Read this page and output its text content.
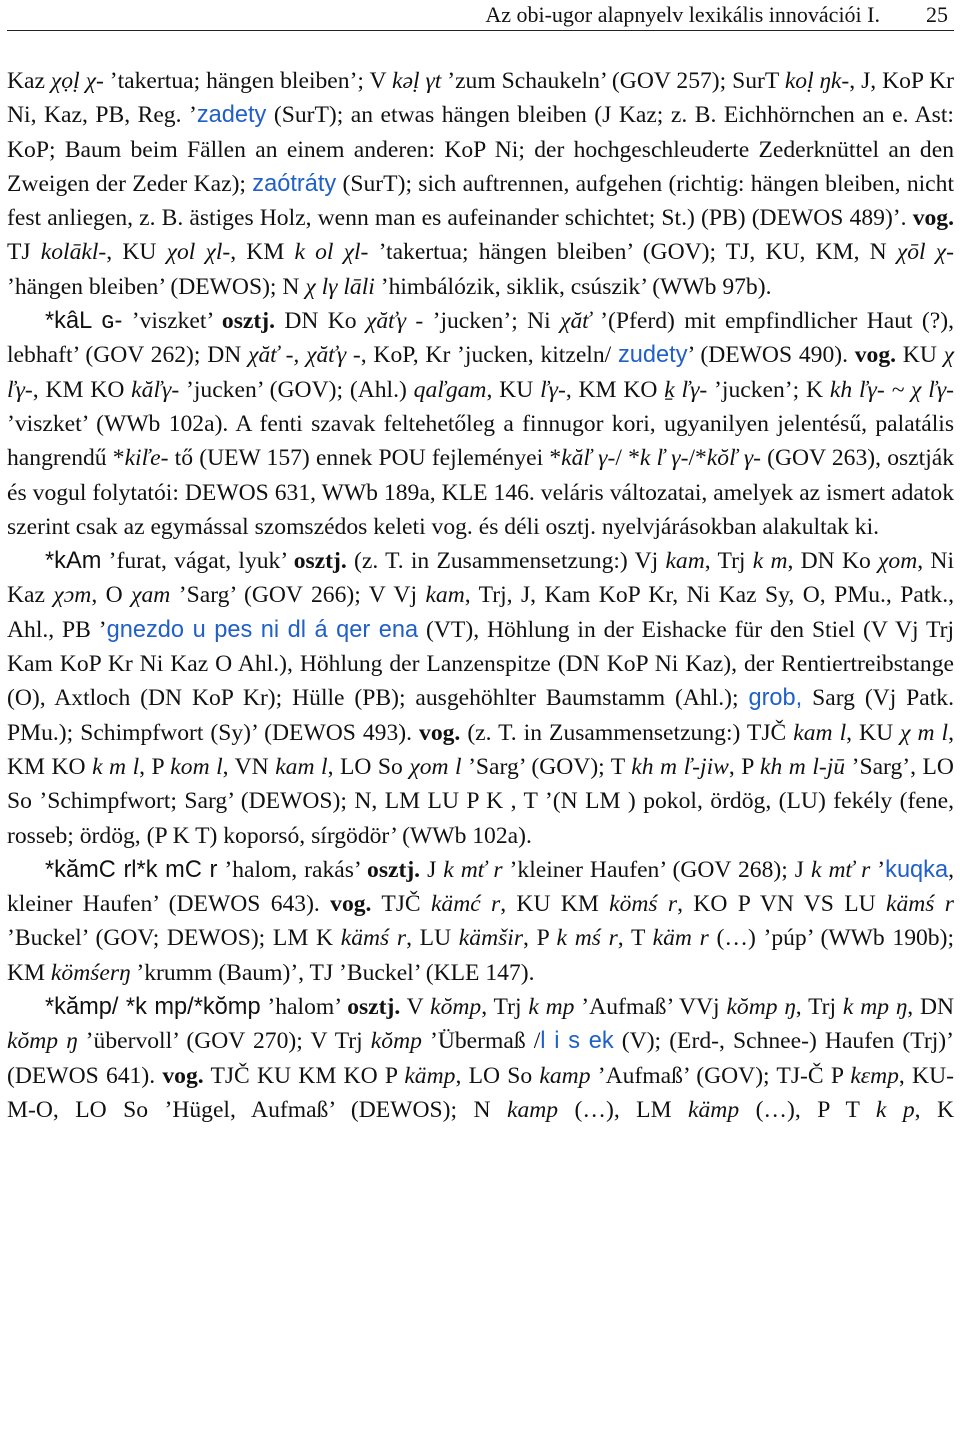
Az obi-ugor alapnyelv lexikális innovációi I. 25

Kaz χọḷ χ- ’takertua; hängen bleiben’; V kəḷ γt ’zum Schaukeln’ (GOV 257); SurT koḷ ŋk-, J, KoP Kr Ni, Kaz, PB, Reg. ’zadety (SurT); an etwas hängen bleiben (J Kaz; z. B. Eichhörnchen an e. Ast: KoP; Baum beim Fällen an einem anderen: KoP Ni; der hochgeschleuderte Zederknüttel an den Zweigen der Zeder Kaz); zaótráty (SurT); sich auftrennen, aufgehen (richtig: hängen bleiben, nicht fest anliegen, z. B. ästiges Holz, wenn man es aufeinander schichtet; St.) (PB) (DEWOS 489)’. vog. TJ kolākl-, KU χol χl-, KM k ol χl- ’takertua; hängen bleiben’ (GOV); TJ, KU, KM, N χōl χ- ’hängen bleiben’ (DEWOS); N χ lγ lāli ’himbálózik, siklik, csúszik’ (WWb 97b).

*kâL ɢ- ’viszket’ osztj. DN Ko χăťγ - ’jucken’; Ni χăť ’(Pferd) mit empfindlicher Haut (?), lebhaft’ (GOV 262); DN χăť -, χăťγ -, KoP, Kr ’jucken, kitzeln/ zudety’ (DEWOS 490). vog. KU χ ľγ-, KM KO kăľγ- ’jucken’ (GOV); (Ahl.) qaľgam, KU ľγ-, KM KO ḵ ľγ- ’jucken’; K kh ľγ- ~ χ ľγ- ’viszket’ (WWb 102a). A fenti szavak feltehetőleg a finnugor kori, ugyanilyen jelentésű, palatális hangrendű *kiľe- tő (UEW 157) ennek POU fejleményei *kăľ γ-/ *k ľ γ-/*kŏľ γ- (GOV 263), osztják és vogul folytatói: DEWOS 631, WWb 189a, KLE 146. veláris változatai, amelyek az ismert adatok szerint csak az egymással szomszédos keleti vog. és déli osztj. nyelvjárásokban alakultak ki.

*kAm ’furat, vágat, lyuk’ osztj. (z. T. in Zusammensetzung:) Vj kam, Trj k m, DN Ko χom, Ni Kaz χɔm, O χam ’Sarg’ (GOV 266); V Vj kam, Trj, J, Kam KoP Kr, Ni Kaz Sy, O, PMu., Patk., Ahl., PB ’gnezdo u pes ni dl á qer ena (VT), Höhlung in der Eishacke für den Stiel (V Vj Trj Kam KoP Kr Ni Kaz O Ahl.), Höhlung der Lanzenspitze (DN KoP Ni Kaz), der Rentiertreibstange (O), Axtloch (DN KoP Kr); Hülle (PB); ausgehöhlter Baumstamm (Ahl.); grob, Sarg (Vj Patk. PMu.); Schimpfwort (Sy)’ (DEWOS 493). vog. (z. T. in Zusammensetzung:) TJČ kam l, KU χ m l, KM KO k m l, P kom l, VN kam l, LO So χom l ’Sarg’ (GOV); T kh m ľ-jiw, P kh m l-jū ’Sarg’, LO So ’Schimpfwort; Sarg’ (DEWOS); N, LM LU P K , T ’(N LM ) pokol, ördög, (LU) fekély (fene, rosseb; ördög, (P K T) koporsó, sírgödör’ (WWb 102a).

*kămC rl*k mC r ’halom, rakás’ osztj. J k mť r ’kleiner Haufen’ (GOV 268); J k mť r ’kuqka, kleiner Haufen’ (DEWOS 643). vog. TJČ kämć r, KU KM kömś r, KO P VN VS LU kämś r ’Buckel’ (GOV; DEWOS); LM K kämś r, LU kämšir, P k mś r, T käm r (…) ’púp’ (WWb 190b); KM kömśerŋ ’krumm (Baum)’, TJ ’Buckel’ (KLE 147).

*kămp/ *k mp/*kŏmp ’halom’ osztj. V kŏmp, Trj k mp ’Aufmaß’ VVj kŏmp ŋ, Trj k mp ŋ, DN kŏmp ŋ ’übervoll’ (GOV 270); V Trj kŏmp ’Übermaß /l i s ek (V); (Erd-, Schnee-) Haufen (Trj)’ (DEWOS 641). vog. TJČ KU KM KO P kämp, LO So kamp ’Aufmaß’ (GOV); TJ-Č P kεmp, KU-M-O, LO So ’Hügel, Aufmaß’ (DEWOS); N kamp (…), LM kämp (…), P T k p, K
